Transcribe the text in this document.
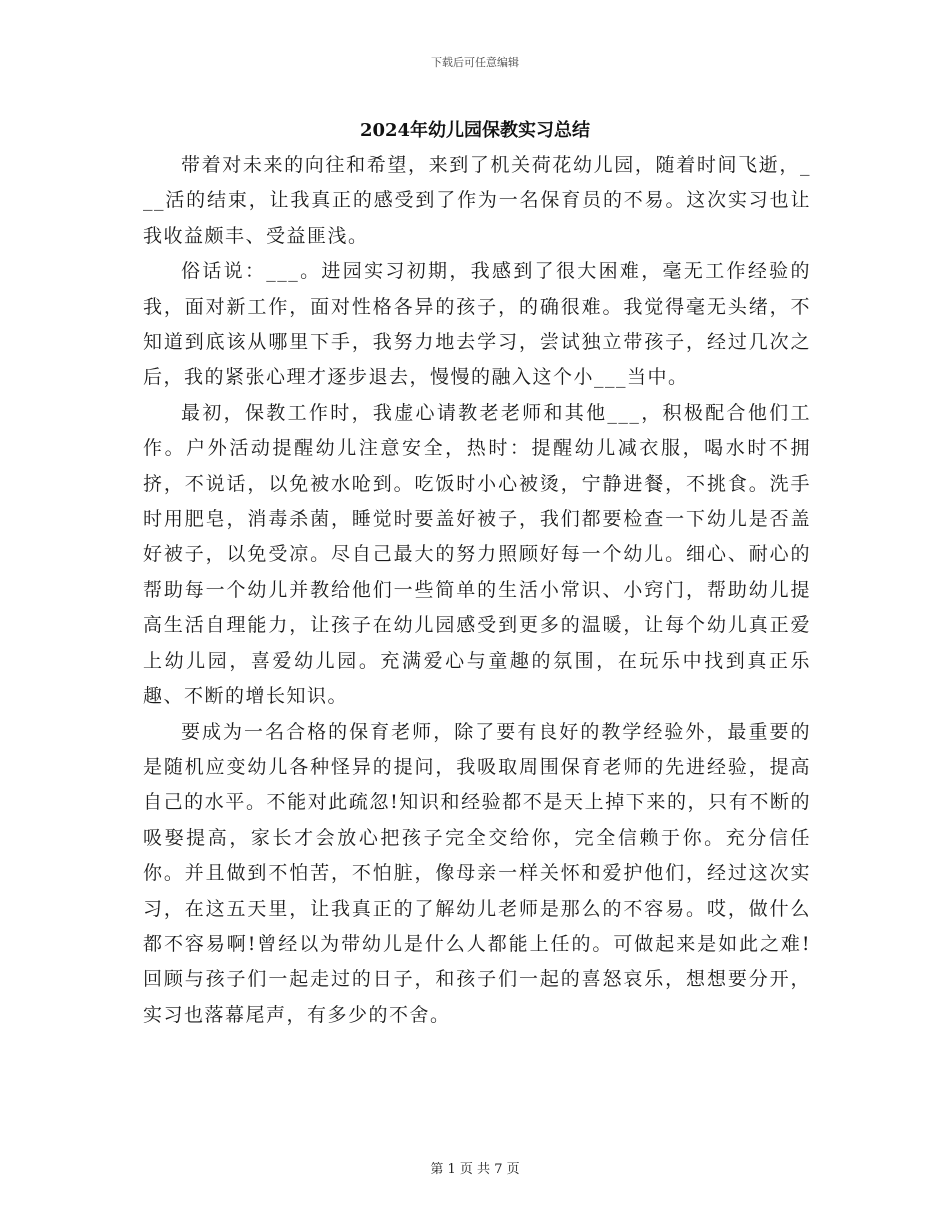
下载后可任意编辑
2024年幼儿园保教实习总结

带着对未来的向往和希望，来到了机关荷花幼儿园，随着时间飞逝，___活的结束，让我真正的感受到了作为一名保育员的不易。这次实习也让我收益颇丰、受益匪浅。

俗话说：___。进园实习初期，我感到了很大困难，毫无工作经验的我，面对新工作，面对性格各异的孩子，的确很难。我觉得毫无头绪，不知道到底该从哪里下手，我努力地去学习，尝试独立带孩子，经过几次之后，我的紧张心理才逐步退去，慢慢的融入这个小___当中。

最初，保教工作时，我虚心请教老老师和其他___，积极配合他们工作。户外活动提醒幼儿注意安全，热时：提醒幼儿减衣服，喝水时不拥挤，不说话，以免被水呛到。吃饭时小心被烫，宁静进餐，不挑食。洗手时用肥皂，消毒杀菌，睡觉时要盖好被子，我们都要检查一下幼儿是否盖好被子，以免受凉。尽自己最大的努力照顾好每一个幼儿。细心、耐心的帮助每一个幼儿并教给他们一些简单的生活小常识、小窍门，帮助幼儿提高生活自理能力，让孩子在幼儿园感受到更多的温暖，让每个幼儿真正爱上幼儿园，喜爱幼儿园。充满爱心与童趣的氛围，在玩乐中找到真正乐趣、不断的增长知识。

要成为一名合格的保育老师，除了要有良好的教学经验外，最重要的是随机应变幼儿各种怪异的提问，我吸取周围保育老师的先进经验，提高自己的水平。不能对此疏忽!知识和经验都不是天上掉下来的，只有不断的吸娶提高，家长才会放心把孩子完全交给你，完全信赖于你。充分信任你。并且做到不怕苦，不怕脏，像母亲一样关怀和爱护他们，经过这次实习，在这五天里，让我真正的了解幼儿老师是那么的不容易。哎，做什么都不容易啊!曾经以为带幼儿是什么人都能上任的。可做起来是如此之难!回顾与孩子们一起走过的日子，和孩子们一起的喜怒哀乐，想想要分开，实习也落幕尾声，有多少的不舍。

第 1 页 共 7 页
